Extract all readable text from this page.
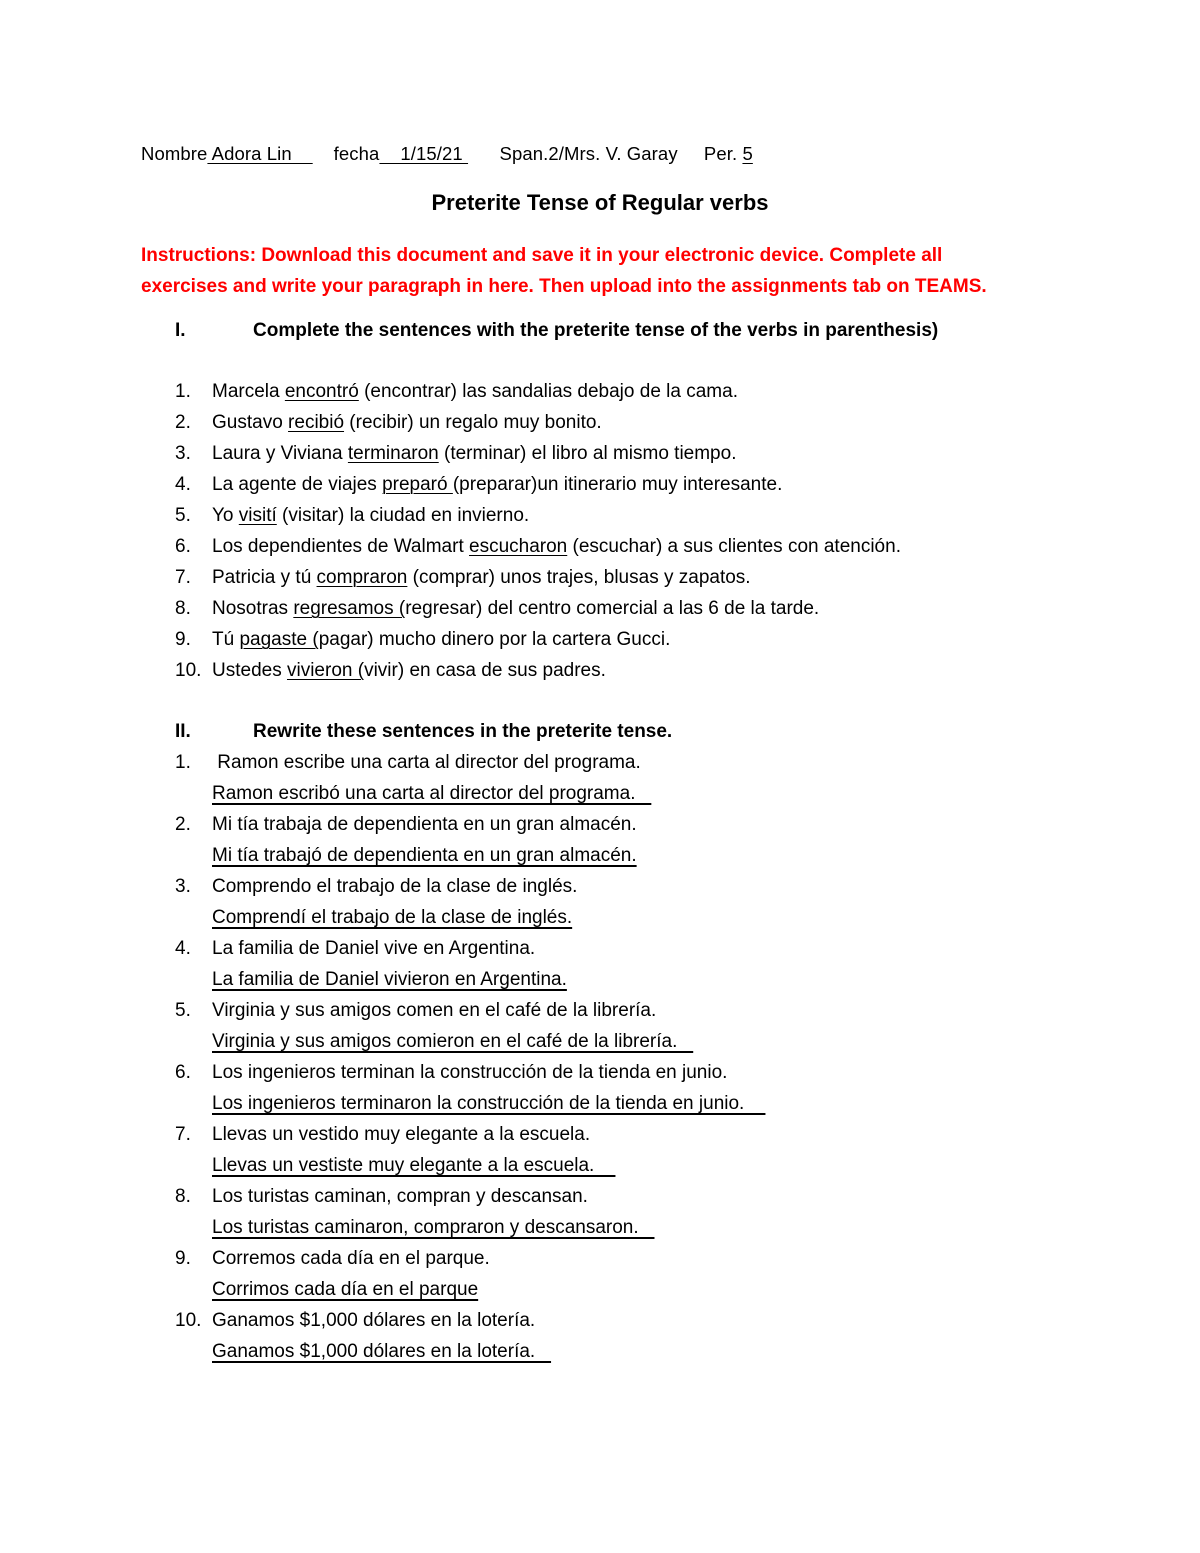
Nombre Adora Lin        fecha    1/15/21       Span.2/Mrs. V. Garay Per. 5
Preterite Tense of Regular verbs
Instructions: Download this document and save it in your electronic device. Complete all
exercises and write your paragraph in here. Then upload into the assignments tab on TEAMS.
I.	Complete the sentences with the preterite tense of the verbs in parenthesis)
1. Marcela encontró (encontrar) las sandalias debajo de la cama.
2. Gustavo recibió (recibir) un regalo muy bonito.
3. Laura y Viviana terminaron (terminar) el libro al mismo tiempo.
4. La agente de viajes preparó (preparar)un itinerario muy interesante.
5. Yo visití (visitar) la ciudad en invierno.
6. Los dependientes de Walmart escucharon (escuchar) a sus clientes con atención.
7. Patricia y tú compraron (comprar) unos trajes, blusas y zapatos.
8. Nosotras regresamos (regresar) del centro comercial a las 6 de la tarde.
9. Tú pagaste (pagar) mucho dinero por la cartera Gucci.
10. Ustedes vivieron (vivir) en casa de sus padres.
II.	Rewrite these sentences in the preterite tense.
1. Ramon escribe una carta al director del programa.
Ramon escribó una carta al director del programa.
2. Mi tía trabaja de dependienta en un gran almacén.
Mi tía trabajó de dependienta en un gran almacén.
3. Comprendo el trabajo de la clase de inglés.
Comprendí el trabajo de la clase de inglés.
4. La familia de Daniel vive en Argentina.
La familia de Daniel vivieron en Argentina.
5. Virginia y sus amigos comen en el café de la librería.
Virginia y sus amigos comieron en el café de la librería.
6. Los ingenieros terminan la construcción de la tienda en junio.
Los ingenieros terminaron la construcción de la tienda en junio.
7. Llevas un vestido muy elegante a la escuela.
Llevas un vestiste muy elegante a la escuela.
8. Los turistas caminan, compran y descansan.
Los turistas caminaron, compraron y descansaron.
9. Corremos cada día en el parque.
Corrimos cada día en el parque
10. Ganamos $1,000 dólares en la lotería.
Ganamos $1,000 dólares en la lotería.
